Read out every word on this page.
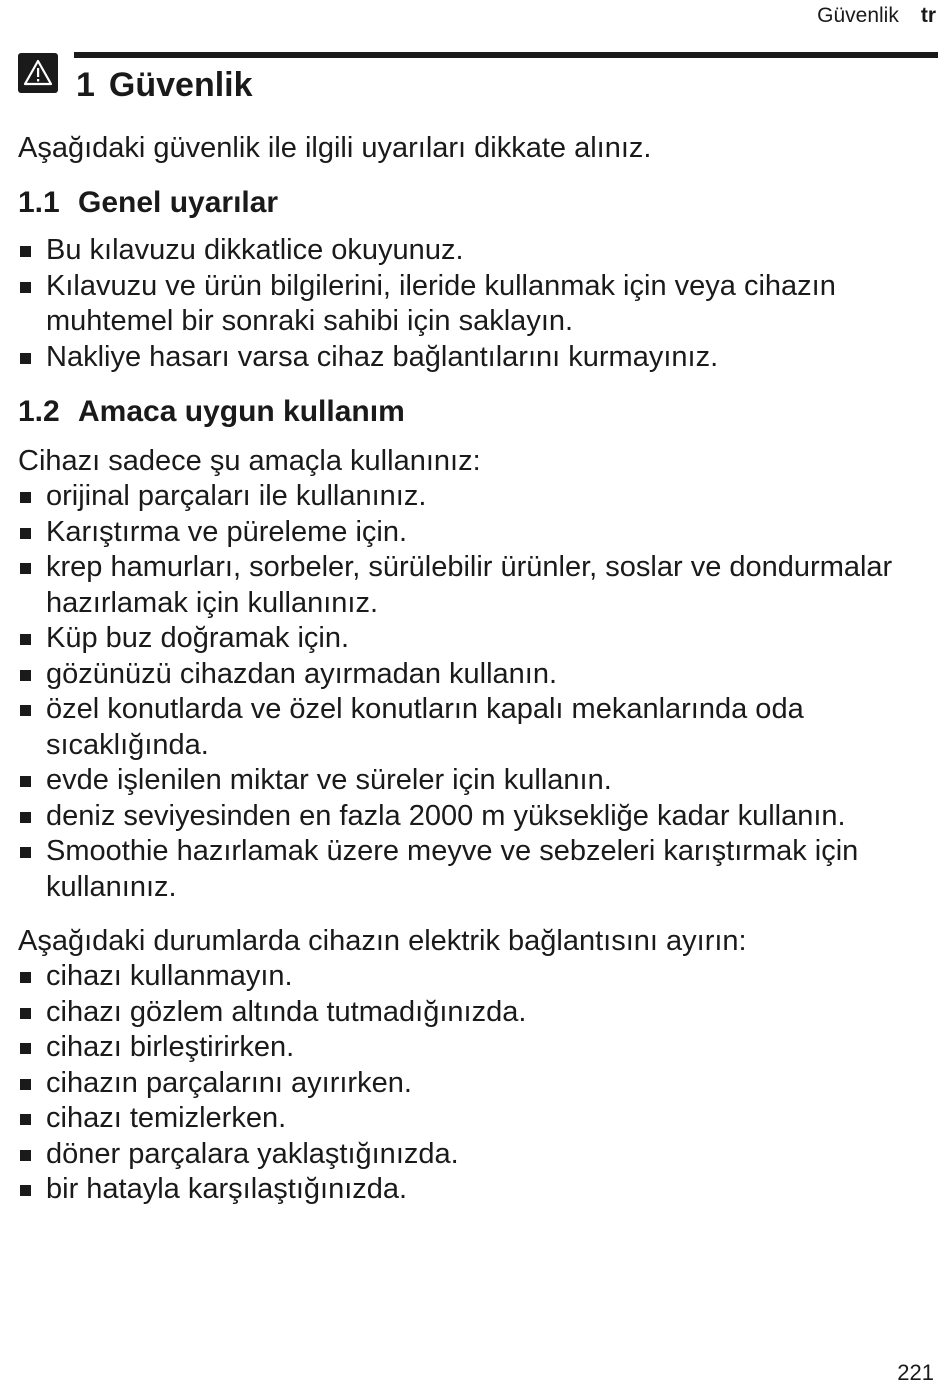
Güvenlik tr
1 Güvenlik

Aşağıdaki güvenlik ile ilgili uyarıları dikkate alınız.

1.1 Genel uyarılar
Bu kılavuzu dikkatlice okuyunuz.
Kılavuzu ve ürün bilgilerini, ileride kullanmak için veya cihazın muhtemel bir sonraki sahibi için saklayın.
Nakliye hasarı varsa cihaz bağlantılarını kurmayınız.
1.2 Amaca uygun kullanım

Cihazı sadece şu amaçla kullanınız:

orijinal parçaları ile kullanınız.
Karıştırma ve püreleme için.
krep hamurları, sorbeler, sürülebilir ürünler, soslar ve dondurmalar hazırlamak için kullanınız.
Küp buz doğramak için.
gözünüzü cihazdan ayırmadan kullanın.
özel konutlarda ve özel konutların kapalı mekanlarında oda sıcaklığında.
evde işlenilen miktar ve süreler için kullanın.
deniz seviyesinden en fazla 2000 m yüksekliğe kadar kullanın.
Smoothie hazırlamak üzere meyve ve sebzeleri karıştırmak için kullanınız.

Aşağıdaki durumlarda cihazın elektrik bağlantısını ayırın:

cihazı kullanmayın.
cihazı gözlem altında tutmadığınızda.
cihazı birleştirirken.
cihazın parçalarını ayırırken.
cihazı temizlerken.
döner parçalara yaklaştığınızda.
bir hatayla karşılaştığınızda.
221
